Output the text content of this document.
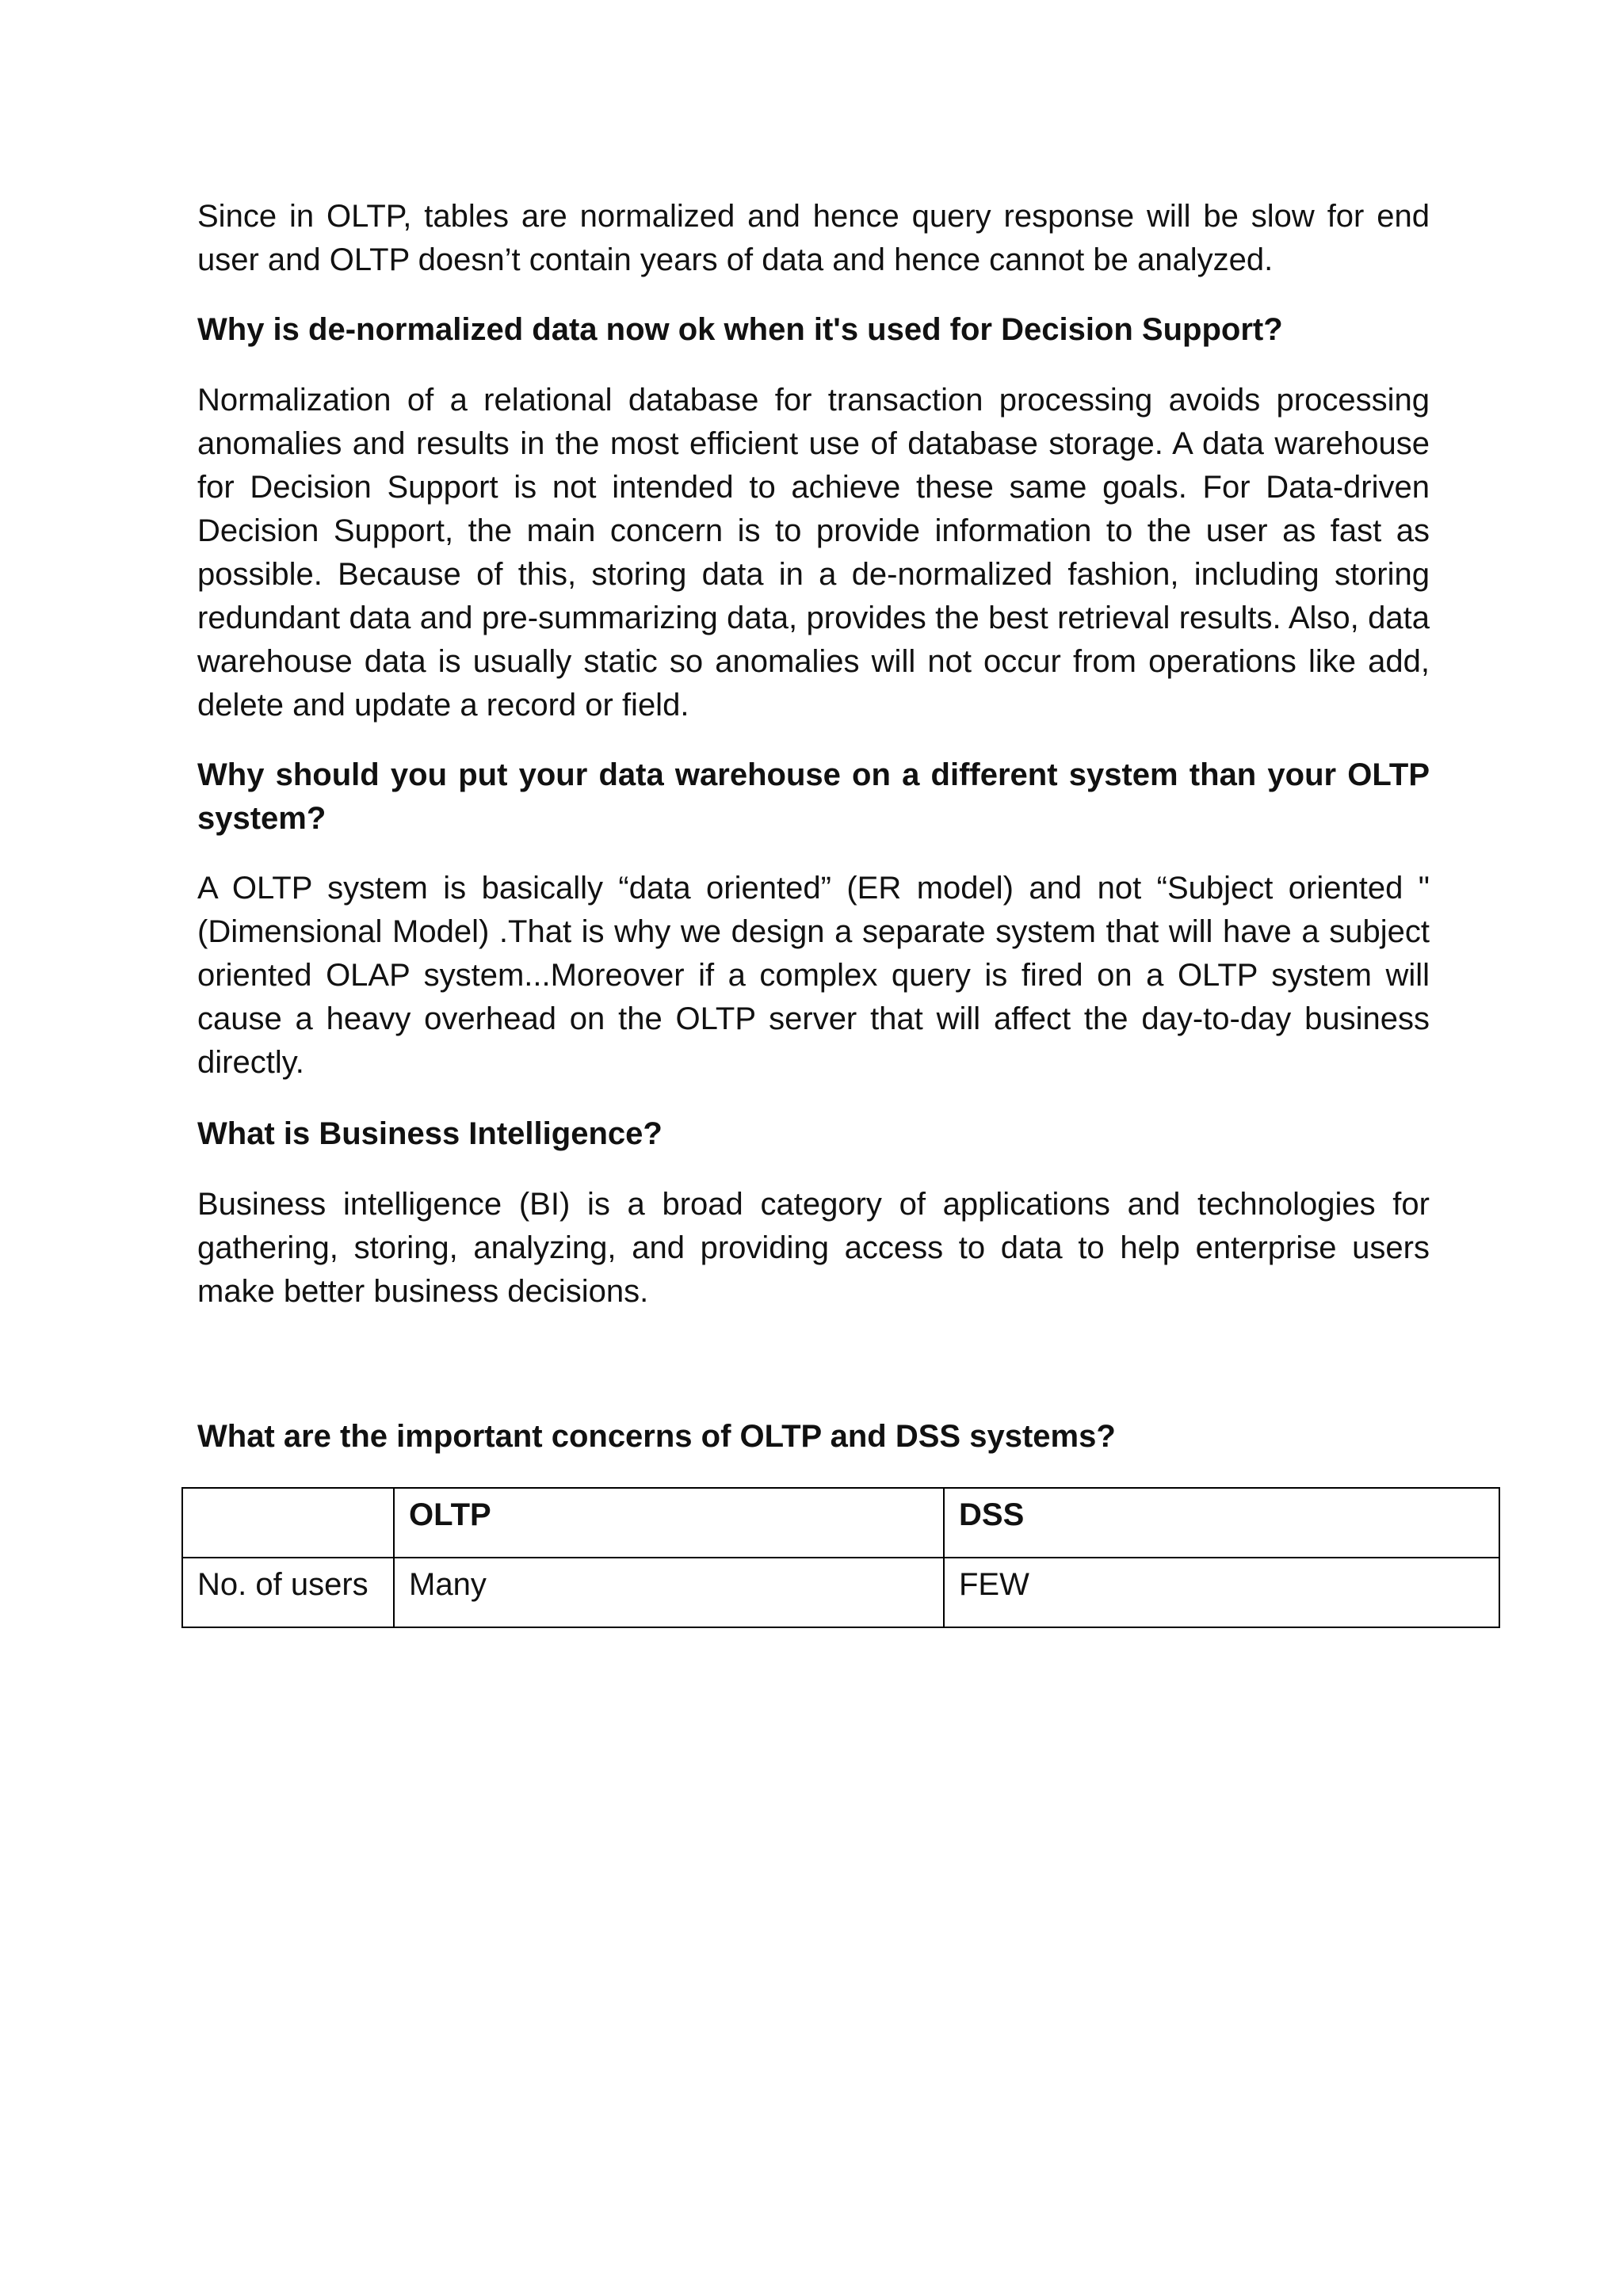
Since in OLTP, tables are normalized and hence query response will be slow for end user and OLTP doesn’t contain years of data and hence cannot be analyzed.

Why is de-normalized data now ok when it's used for Decision Support?

Normalization of a relational database for transaction processing avoids processing anomalies and results in the most efficient use of database storage. A data warehouse for Decision Support is not intended to achieve these same goals. For Data-driven Decision Support, the main concern is to provide information to the user as fast as possible. Because of this, storing data in a de-normalized fashion, including storing redundant data and pre-summarizing data, provides the best retrieval results. Also, data warehouse data is usually static so anomalies will not occur from operations like add, delete and update a record or field.

Why should you put your data warehouse on a different system than your OLTP system?

A OLTP system is basically “data oriented” (ER model) and not “Subject oriented "(Dimensional Model) .That is why we design a separate system that will have a subject oriented OLAP system...Moreover if a complex query is fired on a OLTP system will cause a heavy overhead on the OLTP server that will affect the day-to-day business directly.

What is Business Intelligence?

Business intelligence (BI) is a broad category of applications and technologies for gathering, storing, analyzing, and providing access to data to help enterprise users make better business decisions.

What are the important concerns of OLTP and DSS systems?

	OLTP	DSS
No. of users	Many	FEW
